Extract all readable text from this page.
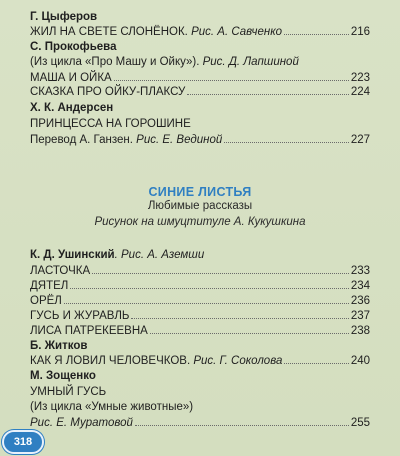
Г. Цыферов
ЖИЛ НА СВЕТЕ СЛОНЁНОК. Рис. А. Савченко	216
С. Прокофьева
(Из цикла «Про Машу и Ойку»). Рис. Д. Лапшиной
МАША И ОЙКА	223
СКАЗКА ПРО ОЙКУ-ПЛАКСУ	224
Х. К. Андерсен
ПРИНЦЕССА НА ГОРОШИНЕ
Перевод А. Ганзен. Рис. Е. Вединой	227
СИНИЕ ЛИСТЬЯ
Любимые рассказы
Рисунок на шмуцтитуле А. Кукушкина
К. Д. Ушинский. Рис. А. Аземши
ЛАСТОЧКА	233
ДЯТЕЛ	234
ОРЁЛ	236
ГУСЬ И ЖУРАВЛЬ	237
ЛИСА ПАТРЕКЕЕВНА	238
Б. Житков
КАК Я ЛОВИЛ ЧЕЛОВЕЧКОВ. Рис. Г. Соколова	240
М. Зощенко
УМНЫЙ ГУСЬ
(Из цикла «Умные животные»)
Рис. Е. Муратовой	255
318
